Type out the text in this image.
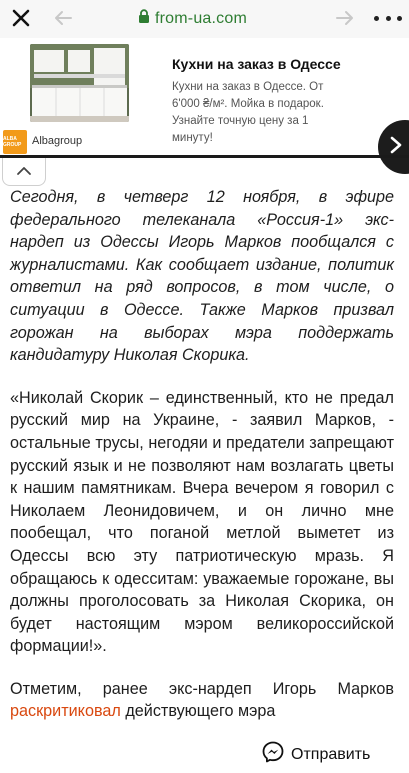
from-ua.com
ALBA GROUP Albagroup
Кухни на заказ в Одессе
Кухни на заказ в Одессе. От 6'000 ₴/м². Мойка в подарок. Узнайте точную цену за 1 минуту!

Сегодня, в четверг 12 ноября, в эфире федерального телеканала «Россия-1» экс-нардеп из Одессы Игорь Марков пообщался с журналистами. Как сообщает издание, политик ответил на ряд вопросов, в том числе, о ситуации в Одессе. Также Марков призвал горожан на выборах мэра поддержать кандидатуру Николая Скорика.

«Николай Скорик – единственный, кто не предал русский мир на Украине, - заявил Марков, - остальные трусы, негодяи и предатели запрещают русский язык и не позволяют нам возлагать цветы к нашим памятникам. Вчера вечером я говорил с Николаем Леонидовичем, и он лично мне пообещал, что поганой метлой выметет из Одессы всю эту патриотическую мразь. Я обращаюсь к одесситам: уважаемые горожане, вы должны проголосовать за Николая Скорика, он будет настоящим мэром великороссийской формации!».

Отметим, ранее экс-нардеп Игорь Марков раскритиковал действующего мэра

Отправить
